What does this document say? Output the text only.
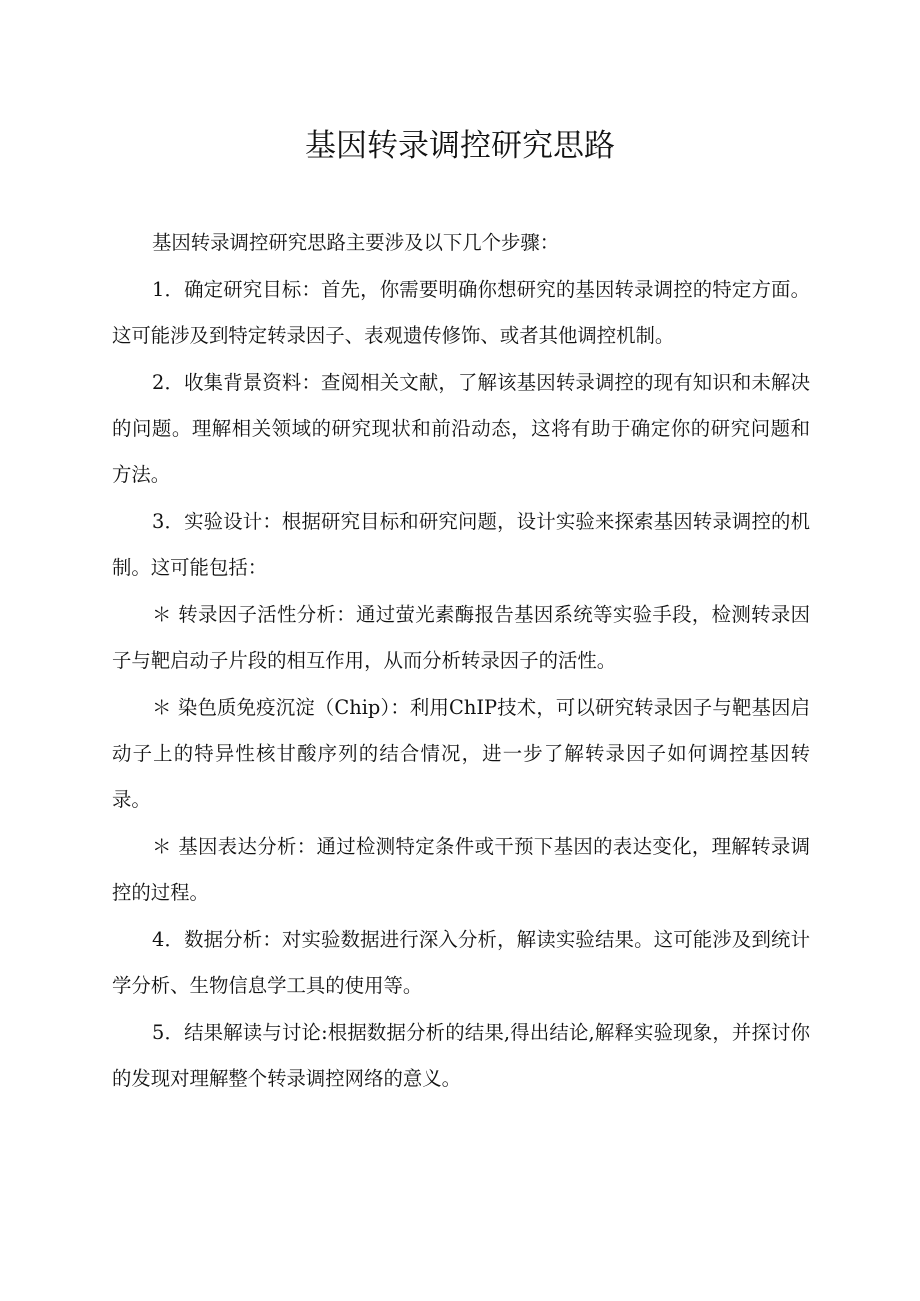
基因转录调控研究思路

基因转录调控研究思路主要涉及以下几个步骤：

1．确定研究目标：首先，你需要明确你想研究的基因转录调控的特定方面。这可能涉及到特定转录因子、表观遗传修饰、或者其他调控机制。

2．收集背景资料：查阅相关文献，了解该基因转录调控的现有知识和未解决的问题。理解相关领域的研究现状和前沿动态，这将有助于确定你的研究问题和方法。

3．实验设计：根据研究目标和研究问题，设计实验来探索基因转录调控的机制。这可能包括：

＊ 转录因子活性分析：通过萤光素酶报告基因系统等实验手段，检测转录因子与靶启动子片段的相互作用，从而分析转录因子的活性。

＊ 染色质免疫沉淀（Chip）：利用ChIP技术，可以研究转录因子与靶基因启动子上的特异性核甘酸序列的结合情况，进一步了解转录因子如何调控基因转录。

＊ 基因表达分析：通过检测特定条件或干预下基因的表达变化，理解转录调控的过程。

4．数据分析：对实验数据进行深入分析，解读实验结果。这可能涉及到统计学分析、生物信息学工具的使用等。

5．结果解读与讨论:根据数据分析的结果,得出结论,解释实验现象，并探讨你的发现对理解整个转录调控网络的意义。
